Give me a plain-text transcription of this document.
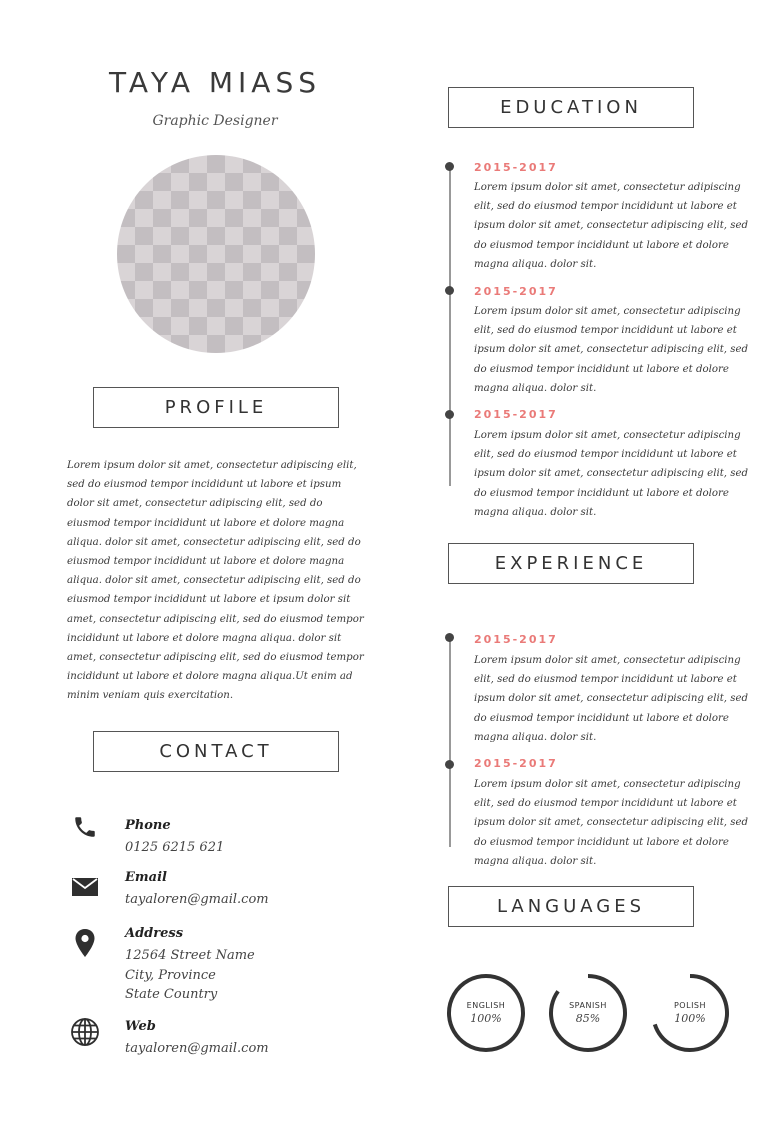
TAYA MIASS
Graphic Designer
PROFILE
Lorem ipsum dolor sit amet, consectetur adipiscing elit, sed do eiusmod tempor incididunt ut labore et ipsum dolor sit amet, consectetur adipiscing elit, sed do eiusmod tempor incididunt ut labore et dolore magna aliqua. dolor sit amet, consectetur adipiscing elit, sed do eiusmod tempor incididunt ut labore et dolore magna aliqua. dolor sit amet, consectetur adipiscing elit, sed do eiusmod tempor incididunt ut labore et ipsum dolor sit amet, consectetur adipiscing elit, sed do eiusmod tempor incididunt ut labore et dolore magna aliqua. dolor sit amet, consectetur adipiscing elit, sed do eiusmod tempor incididunt ut labore et dolore magna aliqua.Ut enim ad minim veniam quis exercitation.
CONTACT
Phone
0125 6215 621
Email
tayaloren@gmail.com
Address
12564 Street Name
City, Province
State Country
Web
tayaloren@gmail.com
EDUCATION
2015-2017
Lorem ipsum dolor sit amet, consectetur adipiscing elit, sed do eiusmod tempor incididunt ut labore et ipsum dolor sit amet, consectetur adipiscing elit, sed do eiusmod tempor incididunt ut labore et dolore magna aliqua. dolor sit.
2015-2017
Lorem ipsum dolor sit amet, consectetur adipiscing elit, sed do eiusmod tempor incididunt ut labore et ipsum dolor sit amet, consectetur adipiscing elit, sed do eiusmod tempor incididunt ut labore et dolore magna aliqua. dolor sit.
2015-2017
Lorem ipsum dolor sit amet, consectetur adipiscing elit, sed do eiusmod tempor incididunt ut labore et ipsum dolor sit amet, consectetur adipiscing elit, sed do eiusmod tempor incididunt ut labore et dolore magna aliqua. dolor sit.
EXPERIENCE
2015-2017
Lorem ipsum dolor sit amet, consectetur adipiscing elit, sed do eiusmod tempor incididunt ut labore et ipsum dolor sit amet, consectetur adipiscing elit, sed do eiusmod tempor incididunt ut labore et dolore magna aliqua. dolor sit.
2015-2017
Lorem ipsum dolor sit amet, consectetur adipiscing elit, sed do eiusmod tempor incididunt ut labore et ipsum dolor sit amet, consectetur adipiscing elit, sed do eiusmod tempor incididunt ut labore et dolore magna aliqua. dolor sit.
LANGUAGES
ENGLISH
100%
SPANISH
85%
POLISH
100%
